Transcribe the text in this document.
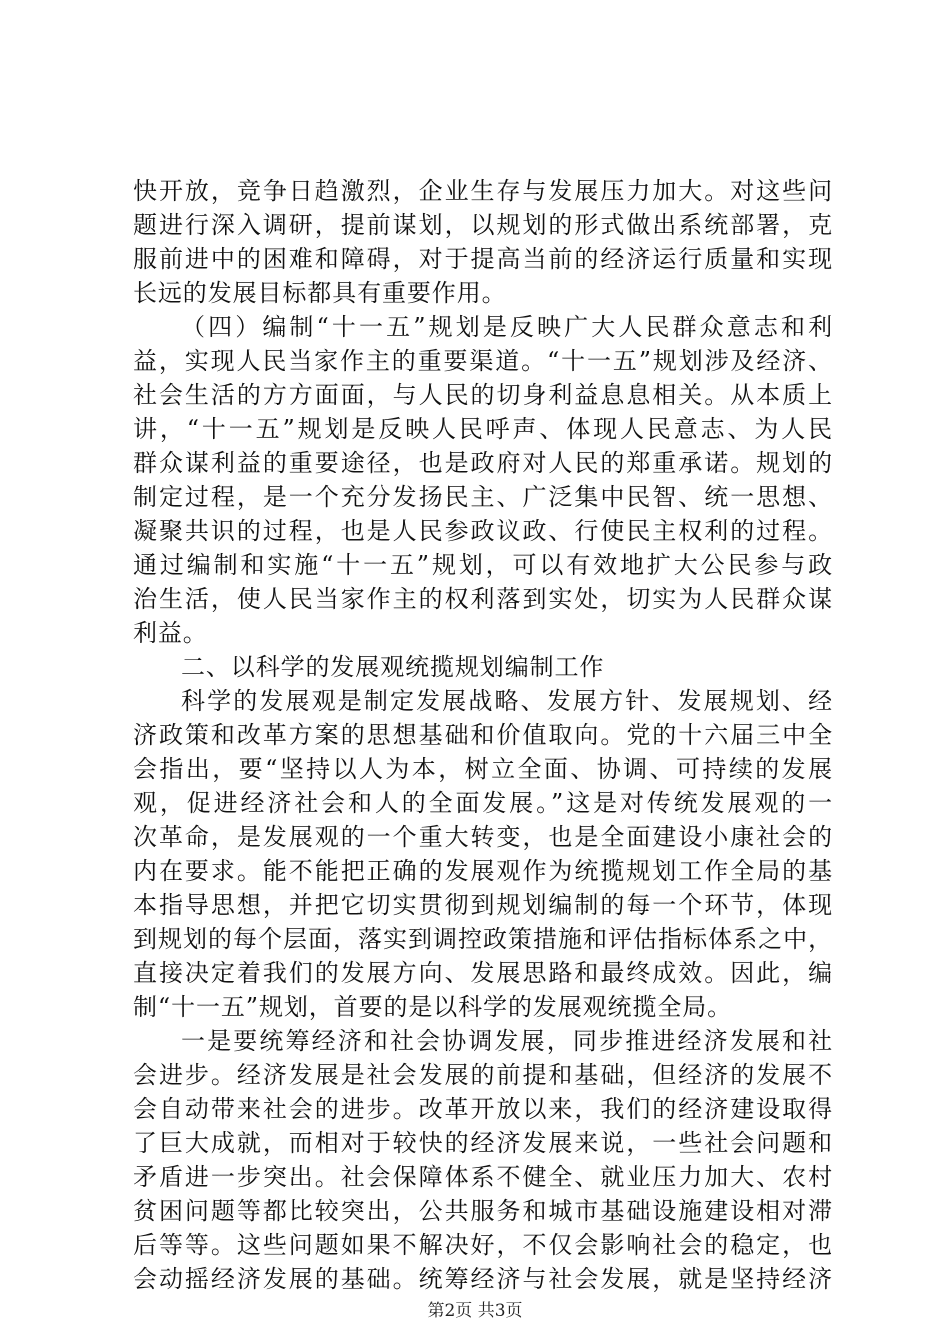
快开放，竞争日趋激烈，企业生存与发展压力加大。对这些问
题进行深入调研，提前谋划，以规划的形式做出系统部署，克
服前进中的困难和障碍，对于提高当前的经济运行质量和实现
长远的发展目标都具有重要作用。
（四）编制“十一五”规划是反映广大人民群众意志和利
益，实现人民当家作主的重要渠道。“十一五”规划涉及经济、
社会生活的方方面面，与人民的切身利益息息相关。从本质上
讲，“十一五”规划是反映人民呼声、体现人民意志、为人民
群众谋利益的重要途径，也是政府对人民的郑重承诺。规划的
制定过程，是一个充分发扬民主、广泛集中民智、统一思想、
凝聚共识的过程，也是人民参政议政、行使民主权利的过程。
通过编制和实施“十一五”规划，可以有效地扩大公民参与政
治生活，使人民当家作主的权利落到实处，切实为人民群众谋
利益。
二、以科学的发展观统揽规划编制工作
科学的发展观是制定发展战略、发展方针、发展规划、经
济政策和改革方案的思想基础和价值取向。党的十六届三中全
会指出，要“坚持以人为本，树立全面、协调、可持续的发展
观，促进经济社会和人的全面发展。”这是对传统发展观的一
次革命，是发展观的一个重大转变，也是全面建设小康社会的
内在要求。能不能把正确的发展观作为统揽规划工作全局的基
本指导思想，并把它切实贯彻到规划编制的每一个环节，体现
到规划的每个层面，落实到调控政策措施和评估指标体系之中，
直接决定着我们的发展方向、发展思路和最终成效。因此，编
制“十一五”规划，首要的是以科学的发展观统揽全局。
一是要统筹经济和社会协调发展，同步推进经济发展和社
会进步。经济发展是社会发展的前提和基础，但经济的发展不
会自动带来社会的进步。改革开放以来，我们的经济建设取得
了巨大成就，而相对于较快的经济发展来说，一些社会问题和
矛盾进一步突出。社会保障体系不健全、就业压力加大、农村
贫困问题等都比较突出，公共服务和城市基础设施建设相对滞
后等等。这些问题如果不解决好，不仅会影响社会的稳定，也
会动摇经济发展的基础。统筹经济与社会发展，就是坚持经济
第2页 共3页
